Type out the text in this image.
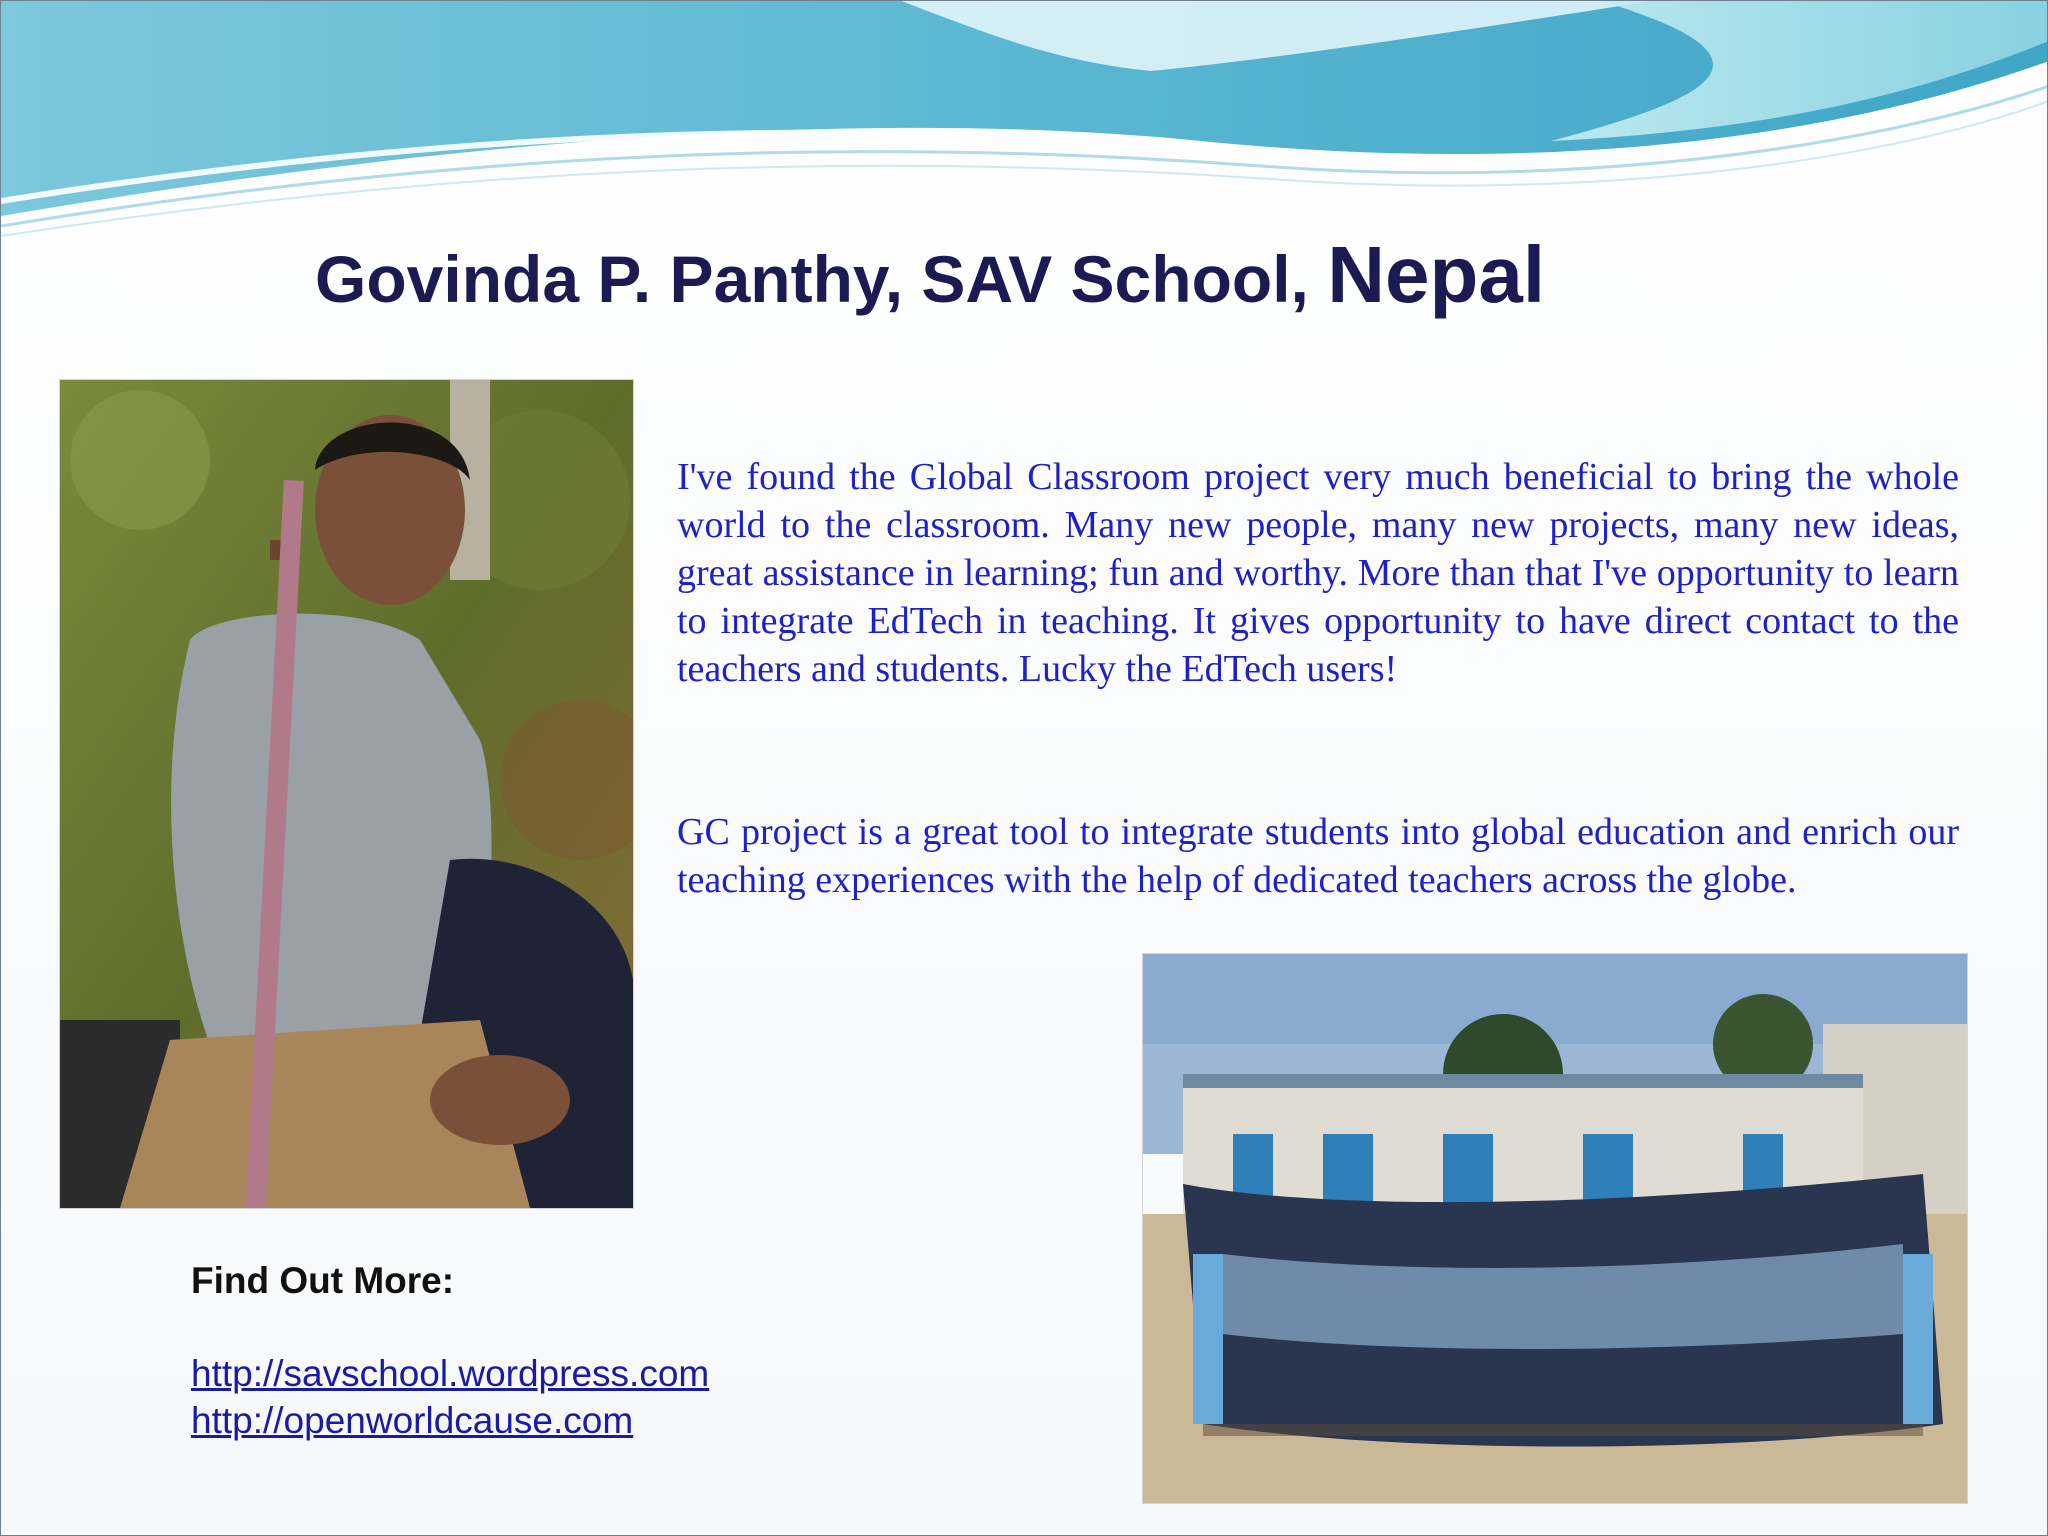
Govinda P. Panthy, SAV School, Nepal

I've found the Global Classroom project very much beneficial to bring the whole world to the classroom. Many new people, many new projects, many new ideas, great assistance in learning; fun and worthy. More than that I've opportunity to learn to integrate EdTech in teaching. It gives opportunity to have direct contact to the teachers and students. Lucky the EdTech users!

GC project is a great tool to integrate students into global education and enrich our teaching experiences with the help of dedicated teachers across the globe.

Find Out More:
http://savschool.wordpress.com
http://openworldcause.com
